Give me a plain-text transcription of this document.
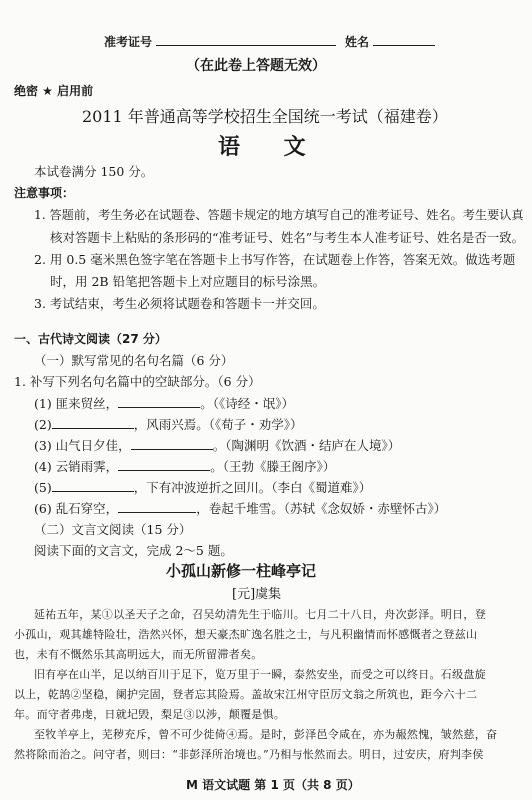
准考证号	姓名
（在此卷上答题无效）
绝密 ★ 启用前
2011 年普通高等学校招生全国统一考试（福建卷）
语 文
本试卷满分 150 分。
注意事项：
1. 答题前，考生务必在试题卷、答题卡规定的地方填写自己的准考证号、姓名。考生要认真
核对答题卡上粘贴的条形码的“准考证号、姓名”与考生本人准考证号、姓名是否一致。
2. 用 0.5 毫米黑色签字笔在答题卡上书写作答，在试题卷上作答，答案无效。做选考题
时，用 2B 铅笔把答题卡上对应题目的标号涂黑。
3. 考试结束，考生必须将试题卷和答题卡一并交回。
一、古代诗文阅读（27 分）
（一）默写常见的名句名篇（6 分）
1. 补写下列名句名篇中的空缺部分。（6 分）
(1) 匪来贸丝，	。（《诗经・氓》）
(2)	，风雨兴焉。（《荀子・劝学》）
(3) 山气日夕佳，	。（陶渊明《饮酒・结庐在人境》）
(4) 云销雨霁，	。（王勃《滕王阁序》）
(5)	，下有冲波逆折之回川。（李白《蜀道难》）
(6) 乱石穿空，	，卷起千堆雪。（苏轼《念奴娇・赤壁怀古》）
（二）文言文阅读（15 分）
阅读下面的文言文，完成 2～5 题。
小孤山新修一柱峰亭记
[元]虞集
延祐五年，某①以圣天子之命，召吴幼清先生于临川。七月二十八日，舟次彭泽。明日，登
小孤山，观其雄特险壮，浩然兴怀，想天豪杰旷逸名胜之士，与凡积幽情而怀感慨者之登兹山
也，未有不慨然乐其高明远大，而无所留滞者矣。
旧有亭在山半，足以纳百川于足下，览万里于一瞬，泰然安坐，而受之可以终日。石级盘旋
以上，乾鹄②坚稳，阑护完固，登者忘其险焉。盖故宋江州守臣厉文翁之所筑也，距今六十二
年。而守者弗虔，日就圮毁，梨足③以涉，颠覆是惧。
至牧羊亭上，芜秽充斥，曾不可少徙倚④焉。是时，彭泽邑令咸在，亦为赧然愧，皱然慈，奋
然将除而治之。问守者，则曰：“非彭泽所治境也。”乃相与怅然而去。明日，过安庆，府判李侯
M 语文试题 第 1 页（共 8 页）
